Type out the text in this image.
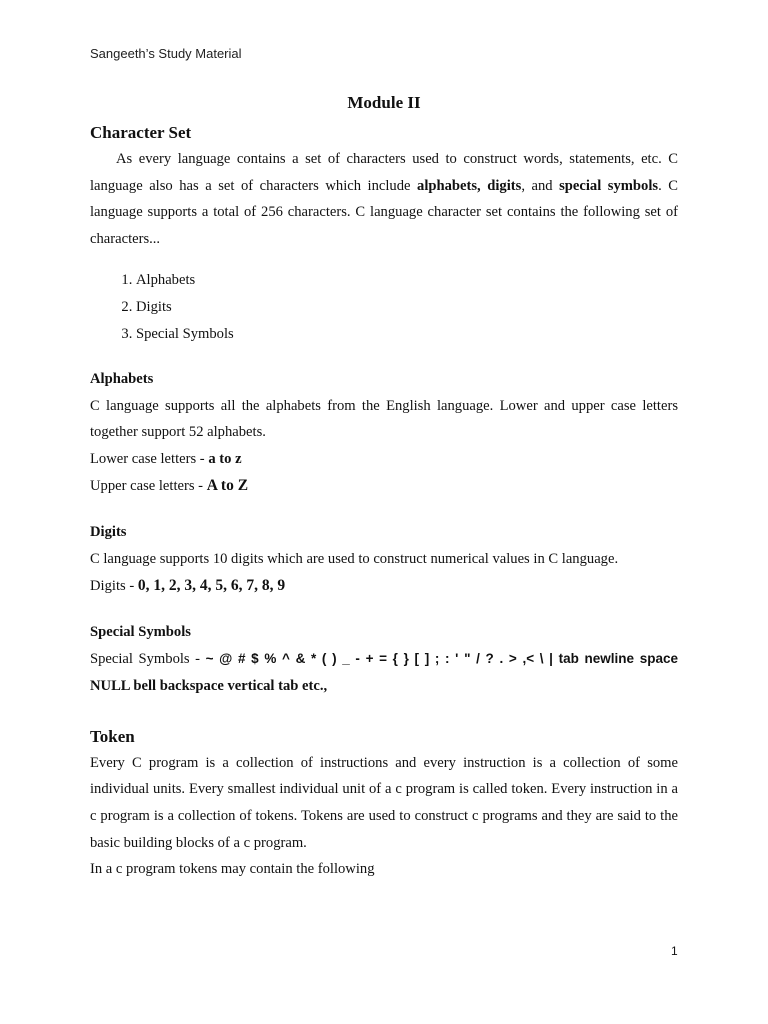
Sangeeth’s Study Material
Module II
Character Set

As every language contains a set of characters used to construct words, statements, etc. C language also has a set of characters which include alphabets, digits, and special symbols. C language supports a total of 256 characters. C language character set contains the following set of characters...

1. Alphabets
2. Digits
3. Special Symbols
Alphabets

C language supports all the alphabets from the English language. Lower and upper case letters together support 52 alphabets.

Lower case letters - a to z

Upper case letters - A to Z

Digits

C language supports 10 digits which are used to construct numerical values in C language.

Digits - 0, 1, 2, 3, 4, 5, 6, 7, 8, 9

Special Symbols

Special Symbols - ~ @ # $ % ^ & * ( ) _ - + = { } [ ] ; : ' " / ? . > ,< \ | tab newline space

NULL bell backspace vertical tab etc.,

Token

Every C program is a collection of instructions and every instruction is a collection of some individual units. Every smallest individual unit of a c program is called token. Every instruction in a c program is a collection of tokens. Tokens are used to construct c programs and they are said to the basic building blocks of a c program.

In a c program tokens may contain the following

1
